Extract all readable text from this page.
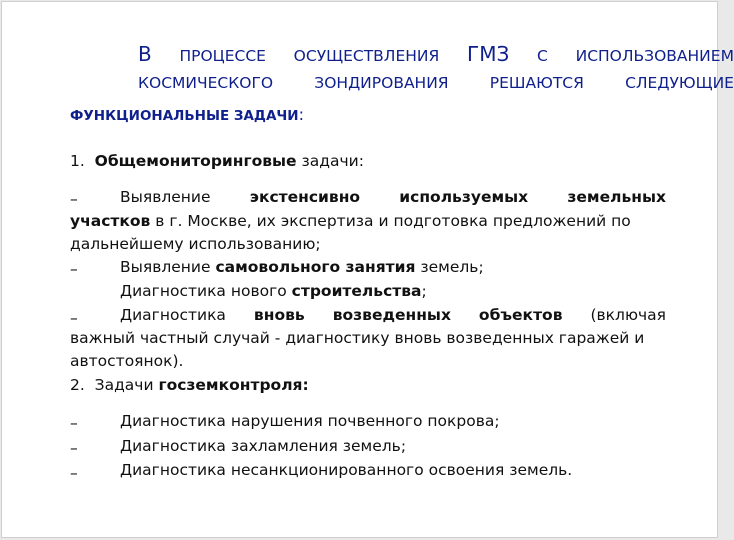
В ПРОЦЕССЕ ОСУЩЕСТВЛЕНИЯ ГМЗ С ИСПОЛЬЗОВАНИЕМ
КОСМИЧЕСКОГО	ЗОНДИРОВАНИЯ	РЕШАЮТСЯ	СЛЕДУЮЩИЕ
ФУНКЦИОНАЛЬНЫЕ ЗАДАЧИ:
1. Общемониторинговые задачи:
–	Выявление	экстенсивно	используемых	земельных
участков в г. Москве, их экспертиза и подготовка предложений по
дальнейшему использованию;
–	Выявление самовольного занятия земель;
Диагностика нового строительства;
–	Диагностика вновь возведенных объектов (включая
важный частный случай - диагностику вновь возведенных гаражей и
автостоянок).
2. Задачи госземконтроля:
–	Диагностика нарушения почвенного покрова;
–	Диагностика захламления земель;
–	Диагностика несанкционированного освоения земель.
